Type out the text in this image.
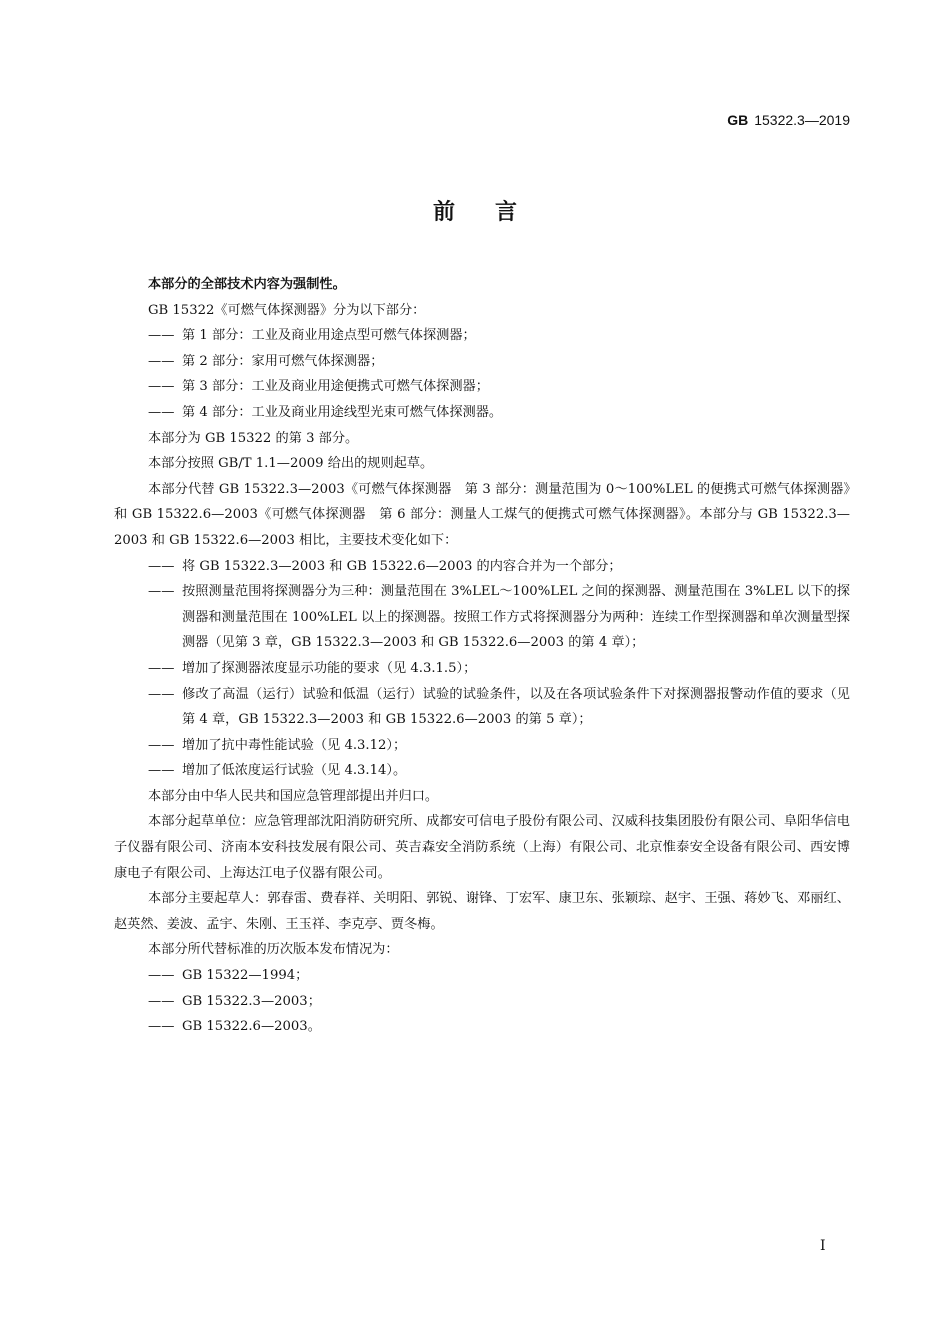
GB 15322.3—2019
前言

本部分的全部技术内容为强制性。

GB 15322《可燃气体探测器》分为以下部分：

—— 第 1 部分：工业及商业用途点型可燃气体探测器；

—— 第 2 部分：家用可燃气体探测器；

—— 第 3 部分：工业及商业用途便携式可燃气体探测器；

—— 第 4 部分：工业及商业用途线型光束可燃气体探测器。

本部分为 GB 15322 的第 3 部分。

本部分按照 GB/T 1.1—2009 给出的规则起草。

本部分代替 GB 15322.3—2003《可燃气体探测器　第 3 部分：测量范围为 0～100%LEL 的便携式可燃气体探测器》和 GB 15322.6—2003《可燃气体探测器　第 6 部分：测量人工煤气的便携式可燃气体探测器》。本部分与 GB 15322.3—2003 和 GB 15322.6—2003 相比，主要技术变化如下：

—— 将 GB 15322.3—2003 和 GB 15322.6—2003 的内容合并为一个部分；

—— 按照测量范围将探测器分为三种：测量范围在 3%LEL～100%LEL 之间的探测器、测量范围在 3%LEL 以下的探测器和测量范围在 100%LEL 以上的探测器。按照工作方式将探测器分为两种：连续工作型探测器和单次测量型探测器（见第 3 章，GB 15322.3—2003 和 GB 15322.6—2003 的第 4 章）；

—— 增加了探测器浓度显示功能的要求（见 4.3.1.5）；

—— 修改了高温（运行）试验和低温（运行）试验的试验条件，以及在各项试验条件下对探测器报警动作值的要求（见第 4 章，GB 15322.3—2003 和 GB 15322.6—2003 的第 5 章）；

—— 增加了抗中毒性能试验（见 4.3.12）；

—— 增加了低浓度运行试验（见 4.3.14）。

本部分由中华人民共和国应急管理部提出并归口。

本部分起草单位：应急管理部沈阳消防研究所、成都安可信电子股份有限公司、汉威科技集团股份有限公司、阜阳华信电子仪器有限公司、济南本安科技发展有限公司、英吉森安全消防系统（上海）有限公司、北京惟泰安全设备有限公司、西安博康电子有限公司、上海达江电子仪器有限公司。

本部分主要起草人：郭春雷、费春祥、关明阳、郭锐、谢锋、丁宏军、康卫东、张颖琮、赵宇、王强、蒋妙飞、邓丽红、赵英然、姜波、孟宇、朱刚、王玉祥、李克亭、贾冬梅。

本部分所代替标准的历次版本发布情况为：

—— GB 15322—1994；

—— GB 15322.3—2003；

—— GB 15322.6—2003。

I
